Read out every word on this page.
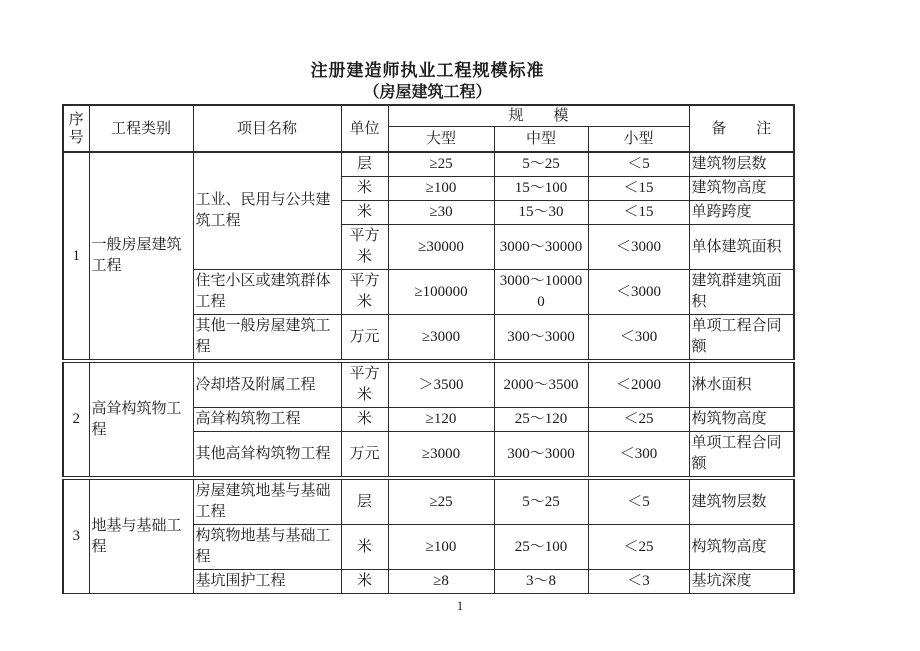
注册建造师执业工程规模标准
（房屋建筑工程）
序号	工程类别	项目名称	单位	规　　模			备　　注
				大型	中型	小型	
1	一般房屋建筑工程	工业、民用与公共建筑工程	层	≥25	5～25	＜5	建筑物层数
			米	≥100	15～100	＜15	建筑物高度
			米	≥30	15～30	＜15	单跨跨度
			平方米	≥30000	3000～30000	＜3000	单体建筑面积
		住宅小区或建筑群体工程	平方米	≥100000	3000～100000	＜3000	建筑群建筑面积
		其他一般房屋建筑工程	万元	≥3000	300～3000	＜300	单项工程合同额
2	高耸构筑物工程	冷却塔及附属工程	平方米	＞3500	2000～3500	＜2000	淋水面积
		高耸构筑物工程	米	≥120	25～120	＜25	构筑物高度
		其他高耸构筑物工程	万元	≥3000	300～3000	＜300	单项工程合同额
3	地基与基础工程	房屋建筑地基与基础工程	层	≥25	5～25	＜5	建筑物层数
		构筑物地基与基础工程	米	≥100	25～100	＜25	构筑物高度
		基坑围护工程	米	≥8	3～8	＜3	基坑深度
1
